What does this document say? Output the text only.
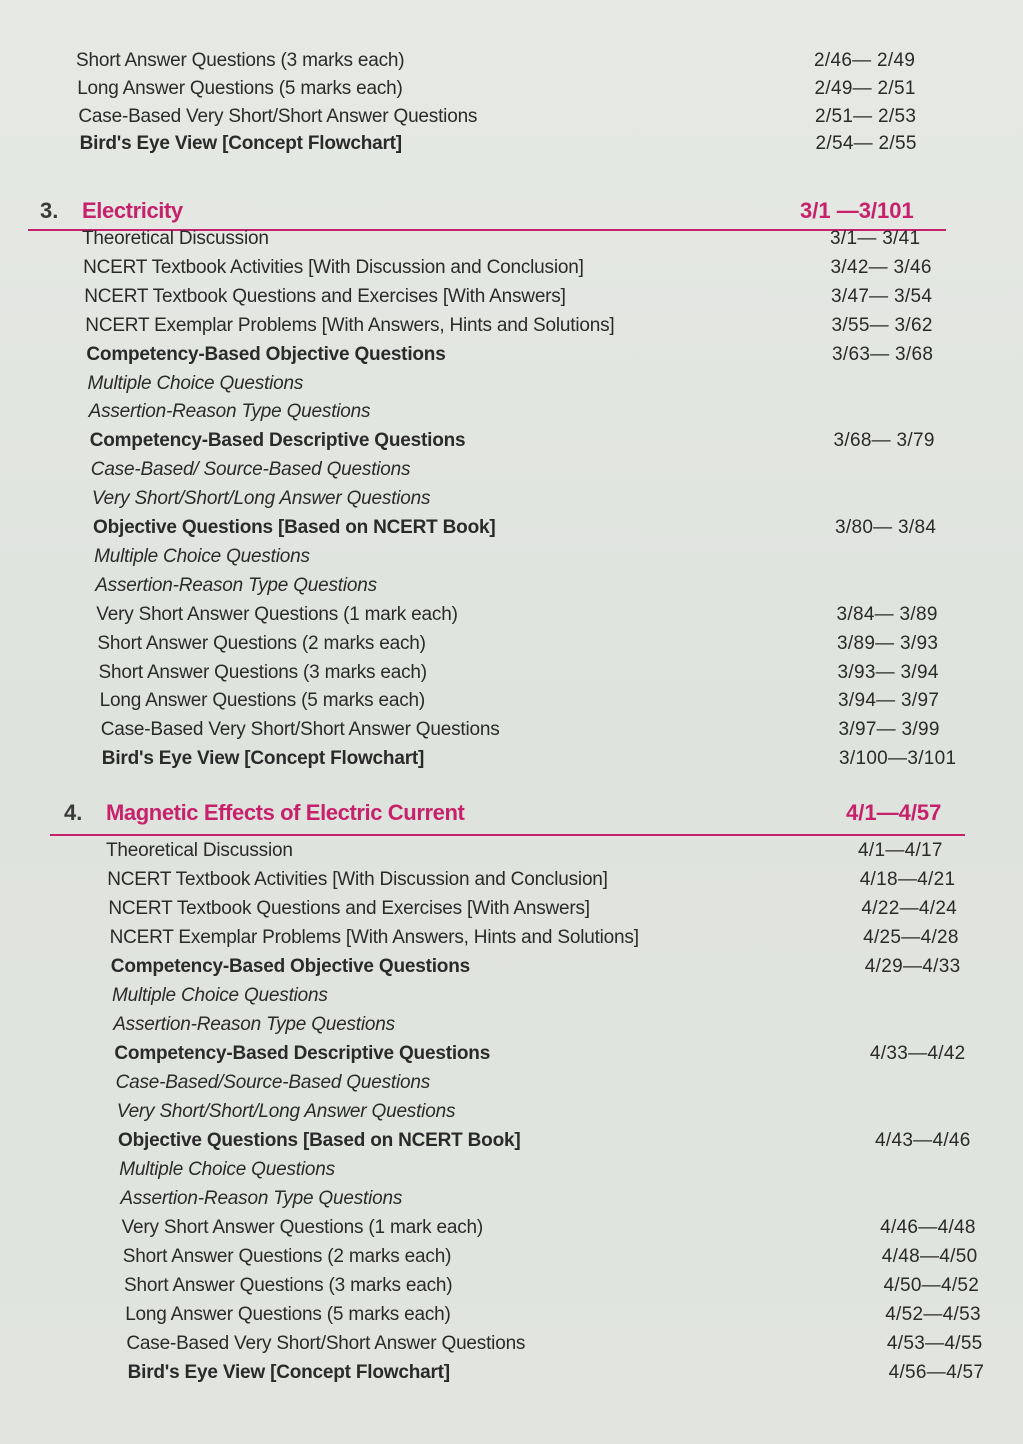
Short Answer Questions (3 marks each)	2/46— 2/49
Long Answer Questions (5 marks each)	2/49— 2/51
Case-Based Very Short/Short Answer Questions	2/51— 2/53
Bird's Eye View [Concept Flowchart]	2/54— 2/55
3. Electricity	3/1 —3/101
Theoretical Discussion	3/1— 3/41
NCERT Textbook Activities [With Discussion and Conclusion]	3/42— 3/46
NCERT Textbook Questions and Exercises [With Answers]	3/47— 3/54
NCERT Exemplar Problems [With Answers, Hints and Solutions]	3/55— 3/62
Competency-Based Objective Questions	3/63— 3/68
Multiple Choice Questions
Assertion-Reason Type Questions
Competency-Based Descriptive Questions	3/68— 3/79
Case-Based/ Source-Based Questions
Very Short/Short/Long Answer Questions
Objective Questions [Based on NCERT Book]	3/80— 3/84
Multiple Choice Questions
Assertion-Reason Type Questions
Very Short Answer Questions (1 mark each)	3/84— 3/89
Short Answer Questions (2 marks each)	3/89— 3/93
Short Answer Questions (3 marks each)	3/93— 3/94
Long Answer Questions (5 marks each)	3/94— 3/97
Case-Based Very Short/Short Answer Questions	3/97— 3/99
Bird's Eye View [Concept Flowchart]	3/100—3/101
4. Magnetic Effects of Electric Current	4/1—4/57
Theoretical Discussion	4/1—4/17
NCERT Textbook Activities [With Discussion and Conclusion]	4/18—4/21
NCERT Textbook Questions and Exercises [With Answers]	4/22—4/24
NCERT Exemplar Problems [With Answers, Hints and Solutions]	4/25—4/28
Competency-Based Objective Questions	4/29—4/33
Multiple Choice Questions
Assertion-Reason Type Questions
Competency-Based Descriptive Questions	4/33—4/42
Case-Based/Source-Based Questions
Very Short/Short/Long Answer Questions
Objective Questions [Based on NCERT Book]	4/43—4/46
Multiple Choice Questions
Assertion-Reason Type Questions
Very Short Answer Questions (1 mark each)	4/46—4/48
Short Answer Questions (2 marks each)	4/48—4/50
Short Answer Questions (3 marks each)	4/50—4/52
Long Answer Questions (5 marks each)	4/52—4/53
Case-Based Very Short/Short Answer Questions	4/53—4/55
Bird's Eye View [Concept Flowchart]	4/56—4/57
